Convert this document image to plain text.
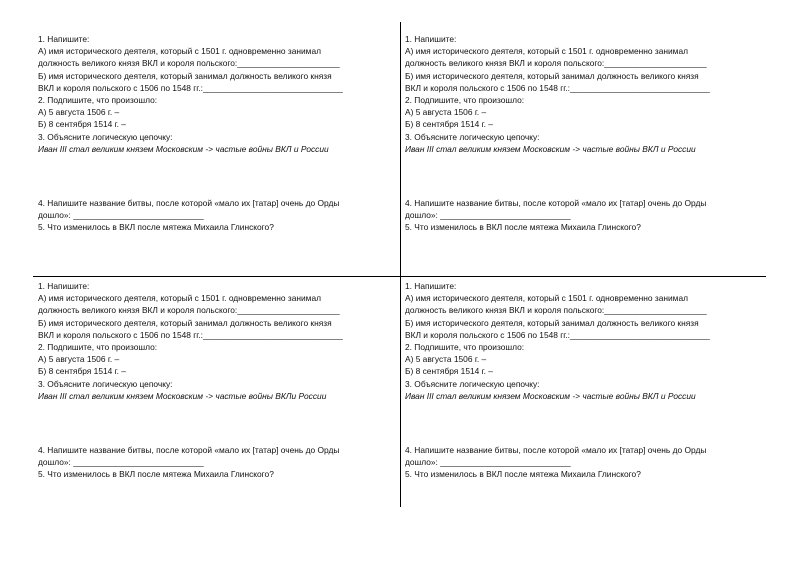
1. Напишите:
А) имя исторического деятеля, который с 1501 г. одновременно занимал
должность великого князя ВКЛ и короля польского:______________________
Б) имя исторического деятеля, который занимал должность великого князя
ВКЛ и короля польского с 1506 по 1548 гг.:______________________________
2. Подпишите, что произошло:
А) 5 августа 1506 г. –
Б) 8 сентября 1514 г. –
3. Объясните логическую цепочку:
Иван III стал великим князем Московским -> частые войны ВКЛ и России
4. Напишите название битвы, после которой «мало их [татар] очень до Орды
дошло»: ____________________________
5. Что изменилось в ВКЛ после мятежа Михаила Глинского?
1. Напишите:
А) имя исторического деятеля, который с 1501 г. одновременно занимал
должность великого князя ВКЛ и короля польского:______________________
Б) имя исторического деятеля, который занимал должность великого князя
ВКЛ и короля польского с 1506 по 1548 гг.:______________________________
2. Подпишите, что произошло:
А) 5 августа 1506 г. –
Б) 8 сентября 1514 г. –
3. Объясните логическую цепочку:
Иван III стал великим князем Московским -> частые войны ВКЛ и России
4. Напишите название битвы, после которой «мало их [татар] очень до Орды
дошло»: ____________________________
5. Что изменилось в ВКЛ после мятежа Михаила Глинского?
1. Напишите:
А) имя исторического деятеля, который с 1501 г. одновременно занимал
должность великого князя ВКЛ и короля польского:______________________
Б) имя исторического деятеля, который занимал должность великого князя
ВКЛ и короля польского с 1506 по 1548 гг.:______________________________
2. Подпишите, что произошло:
А) 5 августа 1506 г. –
Б) 8 сентября 1514 г. –
3. Объясните логическую цепочку:
Иван III стал великим князем Московским -> частые войны ВКЛи России
4. Напишите название битвы, после которой «мало их [татар] очень до Орды
дошло»: ____________________________
5. Что изменилось в ВКЛ после мятежа Михаила Глинского?
1. Напишите:
А) имя исторического деятеля, который с 1501 г. одновременно занимал
должность великого князя ВКЛ и короля польского:______________________
Б) имя исторического деятеля, который занимал должность великого князя
ВКЛ и короля польского с 1506 по 1548 гг.:______________________________
2. Подпишите, что произошло:
А) 5 августа 1506 г. –
Б) 8 сентября 1514 г. –
3. Объясните логическую цепочку:
Иван III стал великим князем Московским -> частые войны ВКЛ и России
4. Напишите название битвы, после которой «мало их [татар] очень до Орды
дошло»: ____________________________
5. Что изменилось в ВКЛ после мятежа Михаила Глинского?
